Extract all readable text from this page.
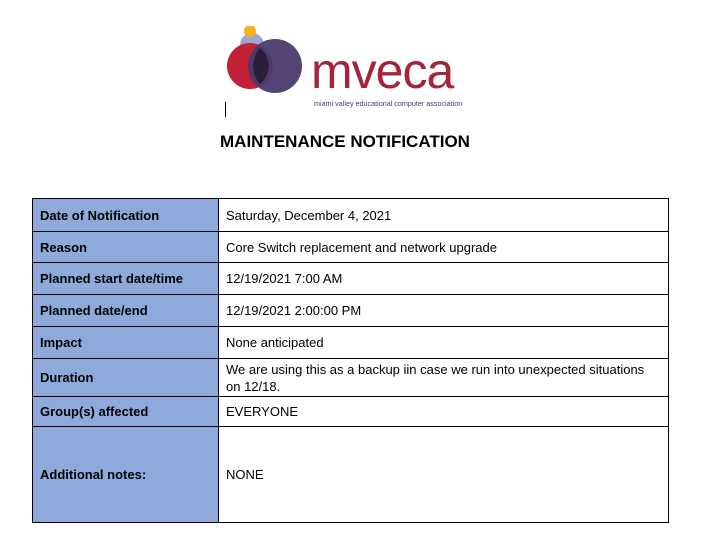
mveca
miami valley educational computer association
MAINTENANCE NOTIFICATION
Date of Notification	Saturday, December 4, 2021
Reason	Core Switch replacement and network upgrade
Planned start date/time	12/19/2021 7:00 AM
Planned date/end	12/19/2021 2:00:00 PM
Impact	None anticipated
Duration	We are using this as a backup iin case we run into unexpected situations on 12/18.
Group(s) affected	EVERYONE
Additional notes:	NONE
